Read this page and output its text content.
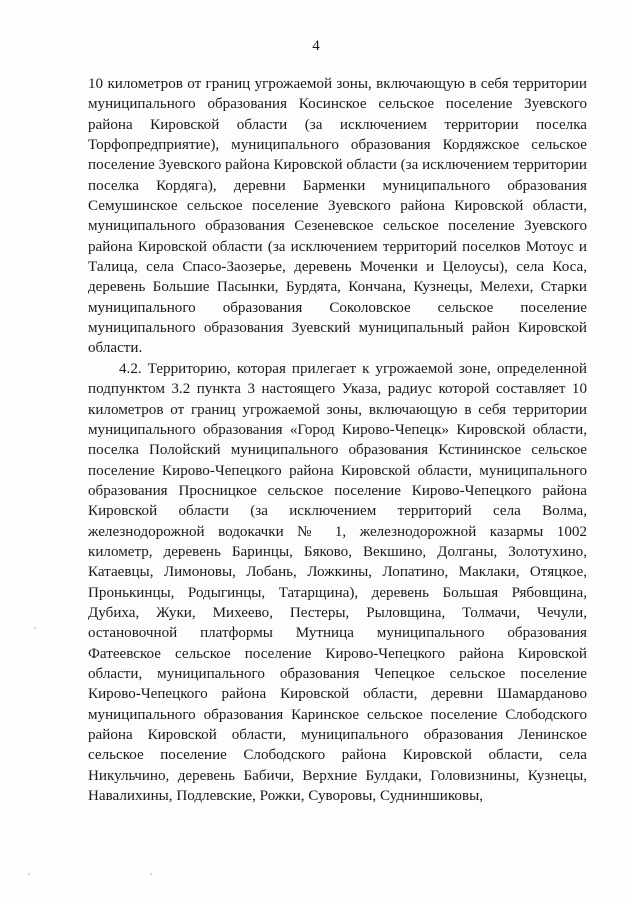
4

10 километров от границ угрожаемой зоны, включающую в себя территории муниципального образования Косинское сельское поселение Зуевского района Кировской области (за исключением территории поселка Торфопредприятие), муниципального образования Кордяжское сельское поселение Зуевского района Кировской области (за исключением территории поселка Кордяга), деревни Барменки муниципального образования Семушинское сельское поселение Зуевского района Кировской области, муниципального образования Сезеневское сельское поселение Зуевского района Кировской области (за исключением территорий поселков Мотоус и Талица, села Спасо-Заозерье, деревень Моченки и Целоусы), села Коса, деревень Большие Пасынки, Бурдята, Кончана, Кузнецы, Мелехи, Старки муниципального образования Соколовское сельское поселение муниципального образования Зуевский муниципальный район Кировской области.

4.2. Территорию, которая прилегает к угрожаемой зоне, определенной подпунктом 3.2 пункта 3 настоящего Указа, радиус которой составляет 10 километров от границ угрожаемой зоны, включающую в себя территории муниципального образования «Город Кирово-Чепецк» Кировской области, поселка Полойский муниципального образования Кстининское сельское поселение Кирово-Чепецкого района Кировской области, муниципального образования Просницкое сельское поселение Кирово-Чепецкого района Кировской области (за исключением территорий села Волма, железнодорожной водокачки № 1, железнодорожной казармы 1002 километр, деревень Баринцы, Бяково, Векшино, Долганы, Золотухино, Катаевцы, Лимоновы, Лобань, Ложкины, Лопатино, Маклаки, Отяцкое, Пронькинцы, Родыгинцы, Татарщина), деревень Большая Рябовщина, Дубиха, Жуки, Михеево, Пестеры, Рыловщина, Толмачи, Чечули, остановочной платформы Мутница муниципального образования Фатеевское сельское поселение Кирово-Чепецкого района Кировской области, муниципального образования Чепецкое сельское поселение Кирово-Чепецкого района Кировской области, деревни Шамарданово муниципального образования Каринское сельское поселение Слободского района Кировской области, муниципального образования Ленинское сельское поселение Слободского района Кировской области, села Никульчино, деревень Бабичи, Верхние Булдаки, Головизнины, Кузнецы, Навалихины, Подлевские, Рожки, Суворовы, Судниншиковы,
